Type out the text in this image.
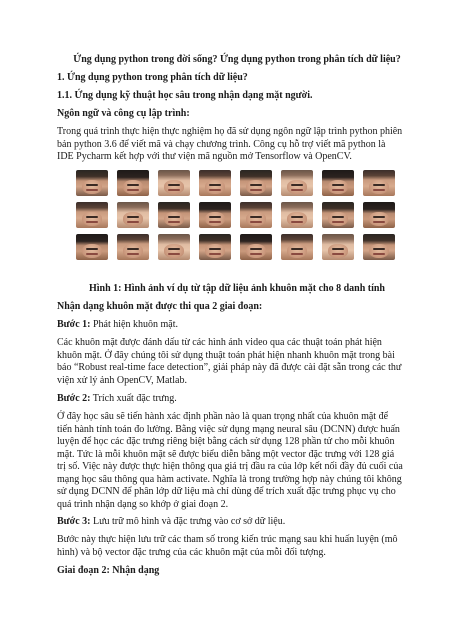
Ứng dụng python trong đời sống? Ứng dụng python trong phân tích dữ liệu?
1. Ứng dụng python trong phân tích dữ liệu?
1.1. Ứng dụng kỹ thuật học sâu trong nhận dạng mặt người.
Ngôn ngữ và công cụ lập trình:
Trong quá trình thực hiện thực nghiệm họ đã sử dụng ngôn ngữ lập trình python phiên
bản python 3.6 để viết mã và chạy chương trình. Công cụ hỗ trợ viết mã python là
IDE Pycharm kết hợp với thư viện mã nguồn mở Tensorflow và OpenCV.
Hình 1: Hình ảnh ví dụ từ tập dữ liệu ảnh khuôn mặt cho 8 danh tính
Nhận dạng khuôn mặt được thi qua 2 giai đoạn:
Bước 1: Phát hiện khuôn mặt.
Các khuôn mặt được đánh dấu từ các hình ảnh video qua các thuật toán phát hiện
khuôn mặt. Ở đây chúng tôi sử dụng thuật toán phát hiện nhanh khuôn mặt trong bài
báo “Robust real-time face detection”, giải pháp này đã được cài đặt sẵn trong các thư
viện xử lý ảnh OpenCV, Matlab.
Bước 2: Trích xuất đặc trưng.
Ở đây học sâu sẽ tiến hành xác định phần nào là quan trọng nhất của khuôn mặt để
tiến hành tính toán đo lường. Bằng việc sử dụng mạng neural sâu (DCNN) được huấn
luyện để học các đặc trưng riêng biệt bằng cách sử dụng 128 phần tử cho mỗi khuôn
mặt. Tức là mỗi khuôn mặt sẽ được biểu diễn bằng một vector đặc trưng với 128 giá
trị số. Việc này được thực hiện thông qua giá trị đầu ra của lớp kết nối đầy đủ cuối của
mạng học sâu thông qua hàm activate. Nghĩa là trong trường hợp này chúng tôi không
sử dụng DCNN để phân lớp dữ liệu mà chỉ dùng để trích xuất đặc trưng phục vụ cho
quá trình nhận dạng so khớp ở giai đoạn 2.
Bước 3: Lưu trữ mô hình và đặc trưng vào cơ sở dữ liệu.
Bước này thực hiện lưu trữ các tham số trong kiến trúc mạng sau khi huấn luyện (mô
hình) và bộ vector đặc trưng của các khuôn mặt của mỗi đối tượng.
Giai đoạn 2: Nhận dạng
